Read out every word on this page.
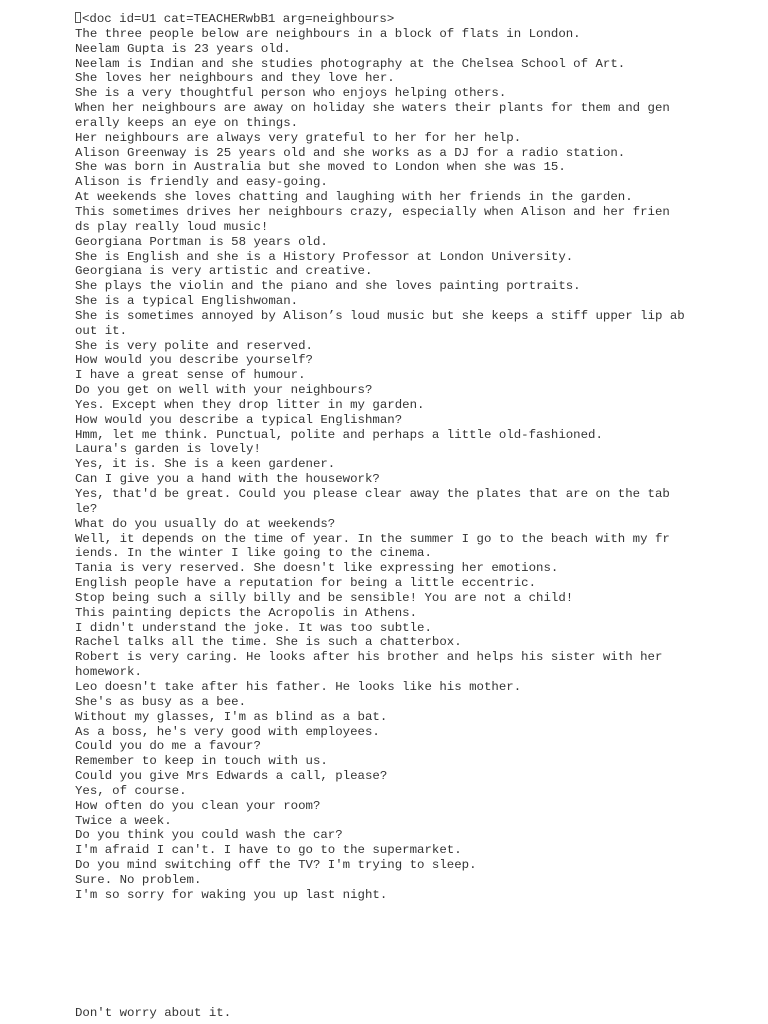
<doc id=U1 cat=TEACHERwbB1 arg=neighbours>
The three people below are neighbours in a block of flats in London.
Neelam Gupta is 23 years old.
Neelam is Indian and she studies photography at the Chelsea School of Art.
She loves her neighbours and they love her.
She is a very thoughtful person who enjoys helping others.
When her neighbours are away on holiday she waters their plants for them and gen
erally keeps an eye on things.
Her neighbours are always very grateful to her for her help.
Alison Greenway is 25 years old and she works as a DJ for a radio station.
She was born in Australia but she moved to London when she was 15.
Alison is friendly and easy-going.
At weekends she loves chatting and laughing with her friends in the garden.
This sometimes drives her neighbours crazy, especially when Alison and her frien
ds play really loud music!
Georgiana Portman is 58 years old.
She is English and she is a History Professor at London University.
Georgiana is very artistic and creative.
She plays the violin and the piano and she loves painting portraits.
She is a typical Englishwoman.
She is sometimes annoyed by Alison’s loud music but she keeps a stiff upper lip ab
out it.
She is very polite and reserved.
How would you describe yourself?
I have a great sense of humour.
Do you get on well with your neighbours?
Yes. Except when they drop litter in my garden.
How would you describe a typical Englishman?
Hmm, let me think. Punctual, polite and perhaps a little old-fashioned.
Laura's garden is lovely!
Yes, it is. She is a keen gardener.
Can I give you a hand with the housework?
Yes, that'd be great. Could you please clear away the plates that are on the tab
le?
What do you usually do at weekends?
Well, it depends on the time of year. In the summer I go to the beach with my fr
iends. In the winter I like going to the cinema.
Tania is very reserved. She doesn't like expressing her emotions.
English people have a reputation for being a little eccentric.
Stop being such a silly billy and be sensible! You are not a child!
This painting depicts the Acropolis in Athens.
I didn't understand the joke. It was too subtle.
Rachel talks all the time. She is such a chatterbox.
Robert is very caring. He looks after his brother and helps his sister with her
homework.
Leo doesn't take after his father. He looks like his mother.
She's as busy as a bee.
Without my glasses, I'm as blind as a bat.
As a boss, he's very good with employees.
Could you do me a favour?
Remember to keep in touch with us.
Could you give Mrs Edwards a call, please?
Yes, of course.
How often do you clean your room?
Twice a week.
Do you think you could wash the car?
I'm afraid I can't. I have to go to the supermarket.
Do you mind switching off the TV? I'm trying to sleep.
Sure. No problem.
I'm so sorry for waking you up last night.
Don't worry about it.
